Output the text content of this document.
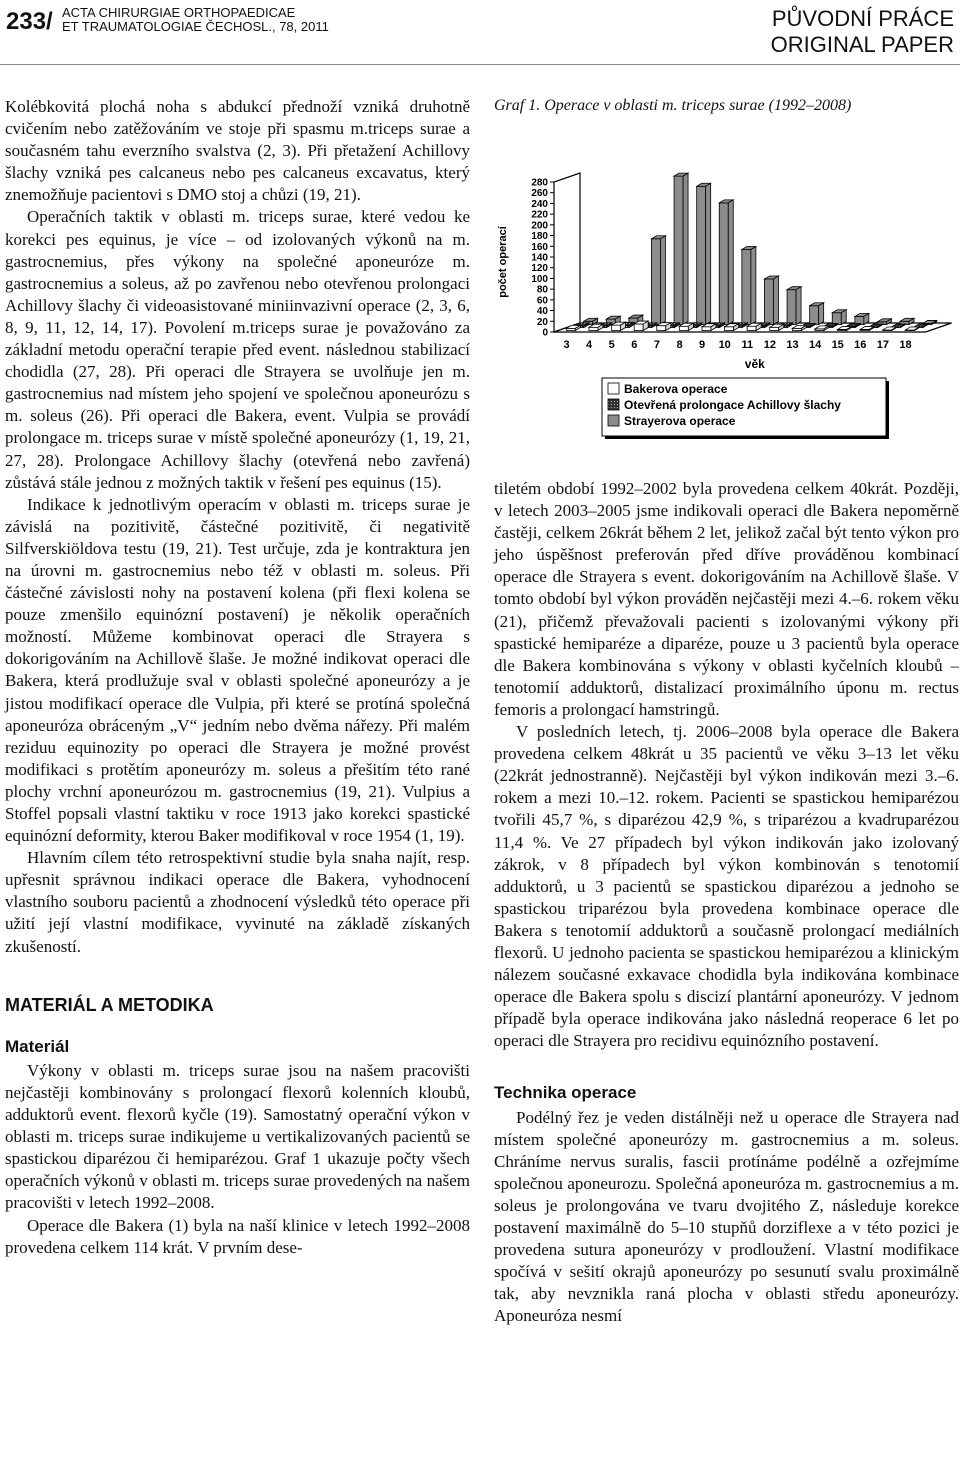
233/ ACTA CHIRURGIAE ORTHOPAEDICAE
ET TRAUMATOLOGIAE ČECHOSL., 78, 2011	PŮVODNÍ PRÁCE
ORIGINAL PAPER

Kolébkovitá plochá noha s abdukcí přednoží vzniká druhotně cvičením nebo zatěžováním ve stoje při spasmu m.triceps surae a současném tahu everzního svalstva (2, 3). Při přetažení Achillovy šlachy vzniká pes calcaneus nebo pes calcaneus excavatus, který znemožňuje pacientovi s DMO stoj a chůzi (19, 21).

Operačních taktik v oblasti m. triceps surae, které vedou ke korekci pes equinus, je více – od izolovaných výkonů na m. gastrocnemius, přes výkony na společné aponeuróze m. gastrocnemius a soleus, až po zavřenou nebo otevřenou prolongaci Achillovy šlachy či videoasistované miniinvazivní operace (2, 3, 6, 8, 9, 11, 12, 14, 17). Povolení m.triceps surae je považováno za základní metodu operační terapie před event. následnou stabilizací chodidla (27, 28). Při operaci dle Strayera se uvolňuje jen m. gastrocnemius nad místem jeho spojení ve společnou aponeurózu s m. soleus (26). Při operaci dle Bakera, event. Vulpia se provádí prolongace m. triceps surae v místě společné aponeurózy (1, 19, 21, 27, 28). Prolongace Achillovy šlachy (otevřená nebo zavřená) zůstává stále jednou z možných taktik v řešení pes equinus (15).

Indikace k jednotlivým operacím v oblasti m. triceps surae je závislá na pozitivitě, částečné pozitivitě, či negativitě Silfverskiöldova testu (19, 21). Test určuje, zda je kontraktura jen na úrovni m. gastrocnemius nebo též v oblasti m. soleus. Při částečné závislosti nohy na postavení kolena (při flexi kolena se pouze zmenšilo equinózní postavení) je několik operačních možností. Můžeme kombinovat operaci dle Strayera s dokorigováním na Achillově šlaše. Je možné indikovat operaci dle Bakera, která prodlužuje sval v oblasti společné aponeurózy a je jistou modifikací operace dle Vulpia, při které se protíná společná aponeuróza obráceným „V“ jedním nebo dvěma nářezy. Při malém reziduu equinozity po operaci dle Strayera je možné provést modifikaci s protětím aponeurózy m. soleus a přešitím této rané plochy vrchní aponeurózou m. gastrocnemius (19, 21). Vulpius a Stoffel popsali vlastní taktiku v roce 1913 jako korekci spastické equinózní deformity, kterou Baker modifikoval v roce 1954 (1, 19).

Hlavním cílem této retrospektivní studie byla snaha najít, resp. upřesnit správnou indikaci operace dle Bakera, vyhodnocení vlastního souboru pacientů a zhodnocení výsledků této operace při užití její vlastní modifikace, vyvinuté na základě získaných zkušeností.

MATERIÁL A METODIKA
Materiál

Výkony v oblasti m. triceps surae jsou na našem pracovišti nejčastěji kombinovány s prolongací flexorů kolenních kloubů, adduktorů event. flexorů kyčle (19). Samostatný operační výkon v oblasti m. triceps surae indikujeme u vertikalizovaných pacientů se spastickou diparézou či hemiparézou. Graf 1 ukazuje počty všech operačních výkonů v oblasti m. triceps surae provedených na našem pracovišti v letech 1992–2008.

Operace dle Bakera (1) byla na naší klinice v letech 1992–2008 provedena celkem 114 krát. V prvním dese-

Graf 1. Operace v oblasti m. triceps surae (1992–2008)

0
20
40
60
80
100
120
140
160
180
200
220
240
260
280
počet operací
3 4 5 6 7 8 9 10 11 12 13 14 15 16 17 18
věk
Bakerova operace
Otevřená prolongace Achillovy šlachy
Strayerova operace

tiletém období 1992–2002 byla provedena celkem 40krát. Později, v letech 2003–2005 jsme indikovali operaci dle Bakera nepoměrně častěji, celkem 26krát během 2 let, jelikož začal být tento výkon pro jeho úspěšnost preferován před dříve prováděnou kombinací operace dle Strayera s event. dokorigováním na Achillově šlaše. V tomto období byl výkon prováděn nejčastěji mezi 4.–6. rokem věku (21), přičemž převažovali pacienti s izolovanými výkony při spastické hemiparéze a diparéze, pouze u 3 pacientů byla operace dle Bakera kombinována s výkony v oblasti kyčelních kloubů – tenotomií adduktorů, distalizací proximálního úponu m. rectus femoris a prolongací hamstringů.

V posledních letech, tj. 2006–2008 byla operace dle Bakera provedena celkem 48krát u 35 pacientů ve věku 3–13 let věku (22krát jednostranně). Nejčastěji byl výkon indikován mezi 3.–6. rokem a mezi 10.–12. rokem. Pacienti se spastickou hemiparézou tvořili 45,7 %, s diparézou 42,9 %, s triparézou a kvadruparézou 11,4 %. Ve 27 případech byl výkon indikován jako izolovaný zákrok, v 8 případech byl výkon kombinován s tenotomií adduktorů, u 3 pacientů se spastickou diparézou a jednoho se spastickou triparézou byla provedena kombinace operace dle Bakera s tenotomií adduktorů a současně prolongací mediálních flexorů. U jednoho pacienta se spastickou hemiparézou a klinickým nálezem současné exkavace chodidla byla indikována kombinace operace dle Bakera spolu s discizí plantární aponeurózy. V jednom případě byla operace indikována jako následná reoperace 6 let po operaci dle Strayera pro recidivu equinózního postavení.

Technika operace

Podélný řez je veden distálněji než u operace dle Strayera nad místem společné aponeurózy m. gastrocnemius a m. soleus. Chráníme nervus suralis, fascii protínáme podélně a ozřejmíme společnou aponeurozu. Společná aponeuróza m. gastrocnemius a m. soleus je prolongována ve tvaru dvojitého Z, následuje korekce postavení maximálně do 5–10 stupňů dorziflexe a v této pozici je provedena sutura aponeurózy v prodloužení. Vlastní modifikace spočívá v sešití okrajů aponeurózy po sesunutí svalu proximálně tak, aby nevznikla raná plocha v oblasti středu aponeurózy. Aponeuróza nesmí
